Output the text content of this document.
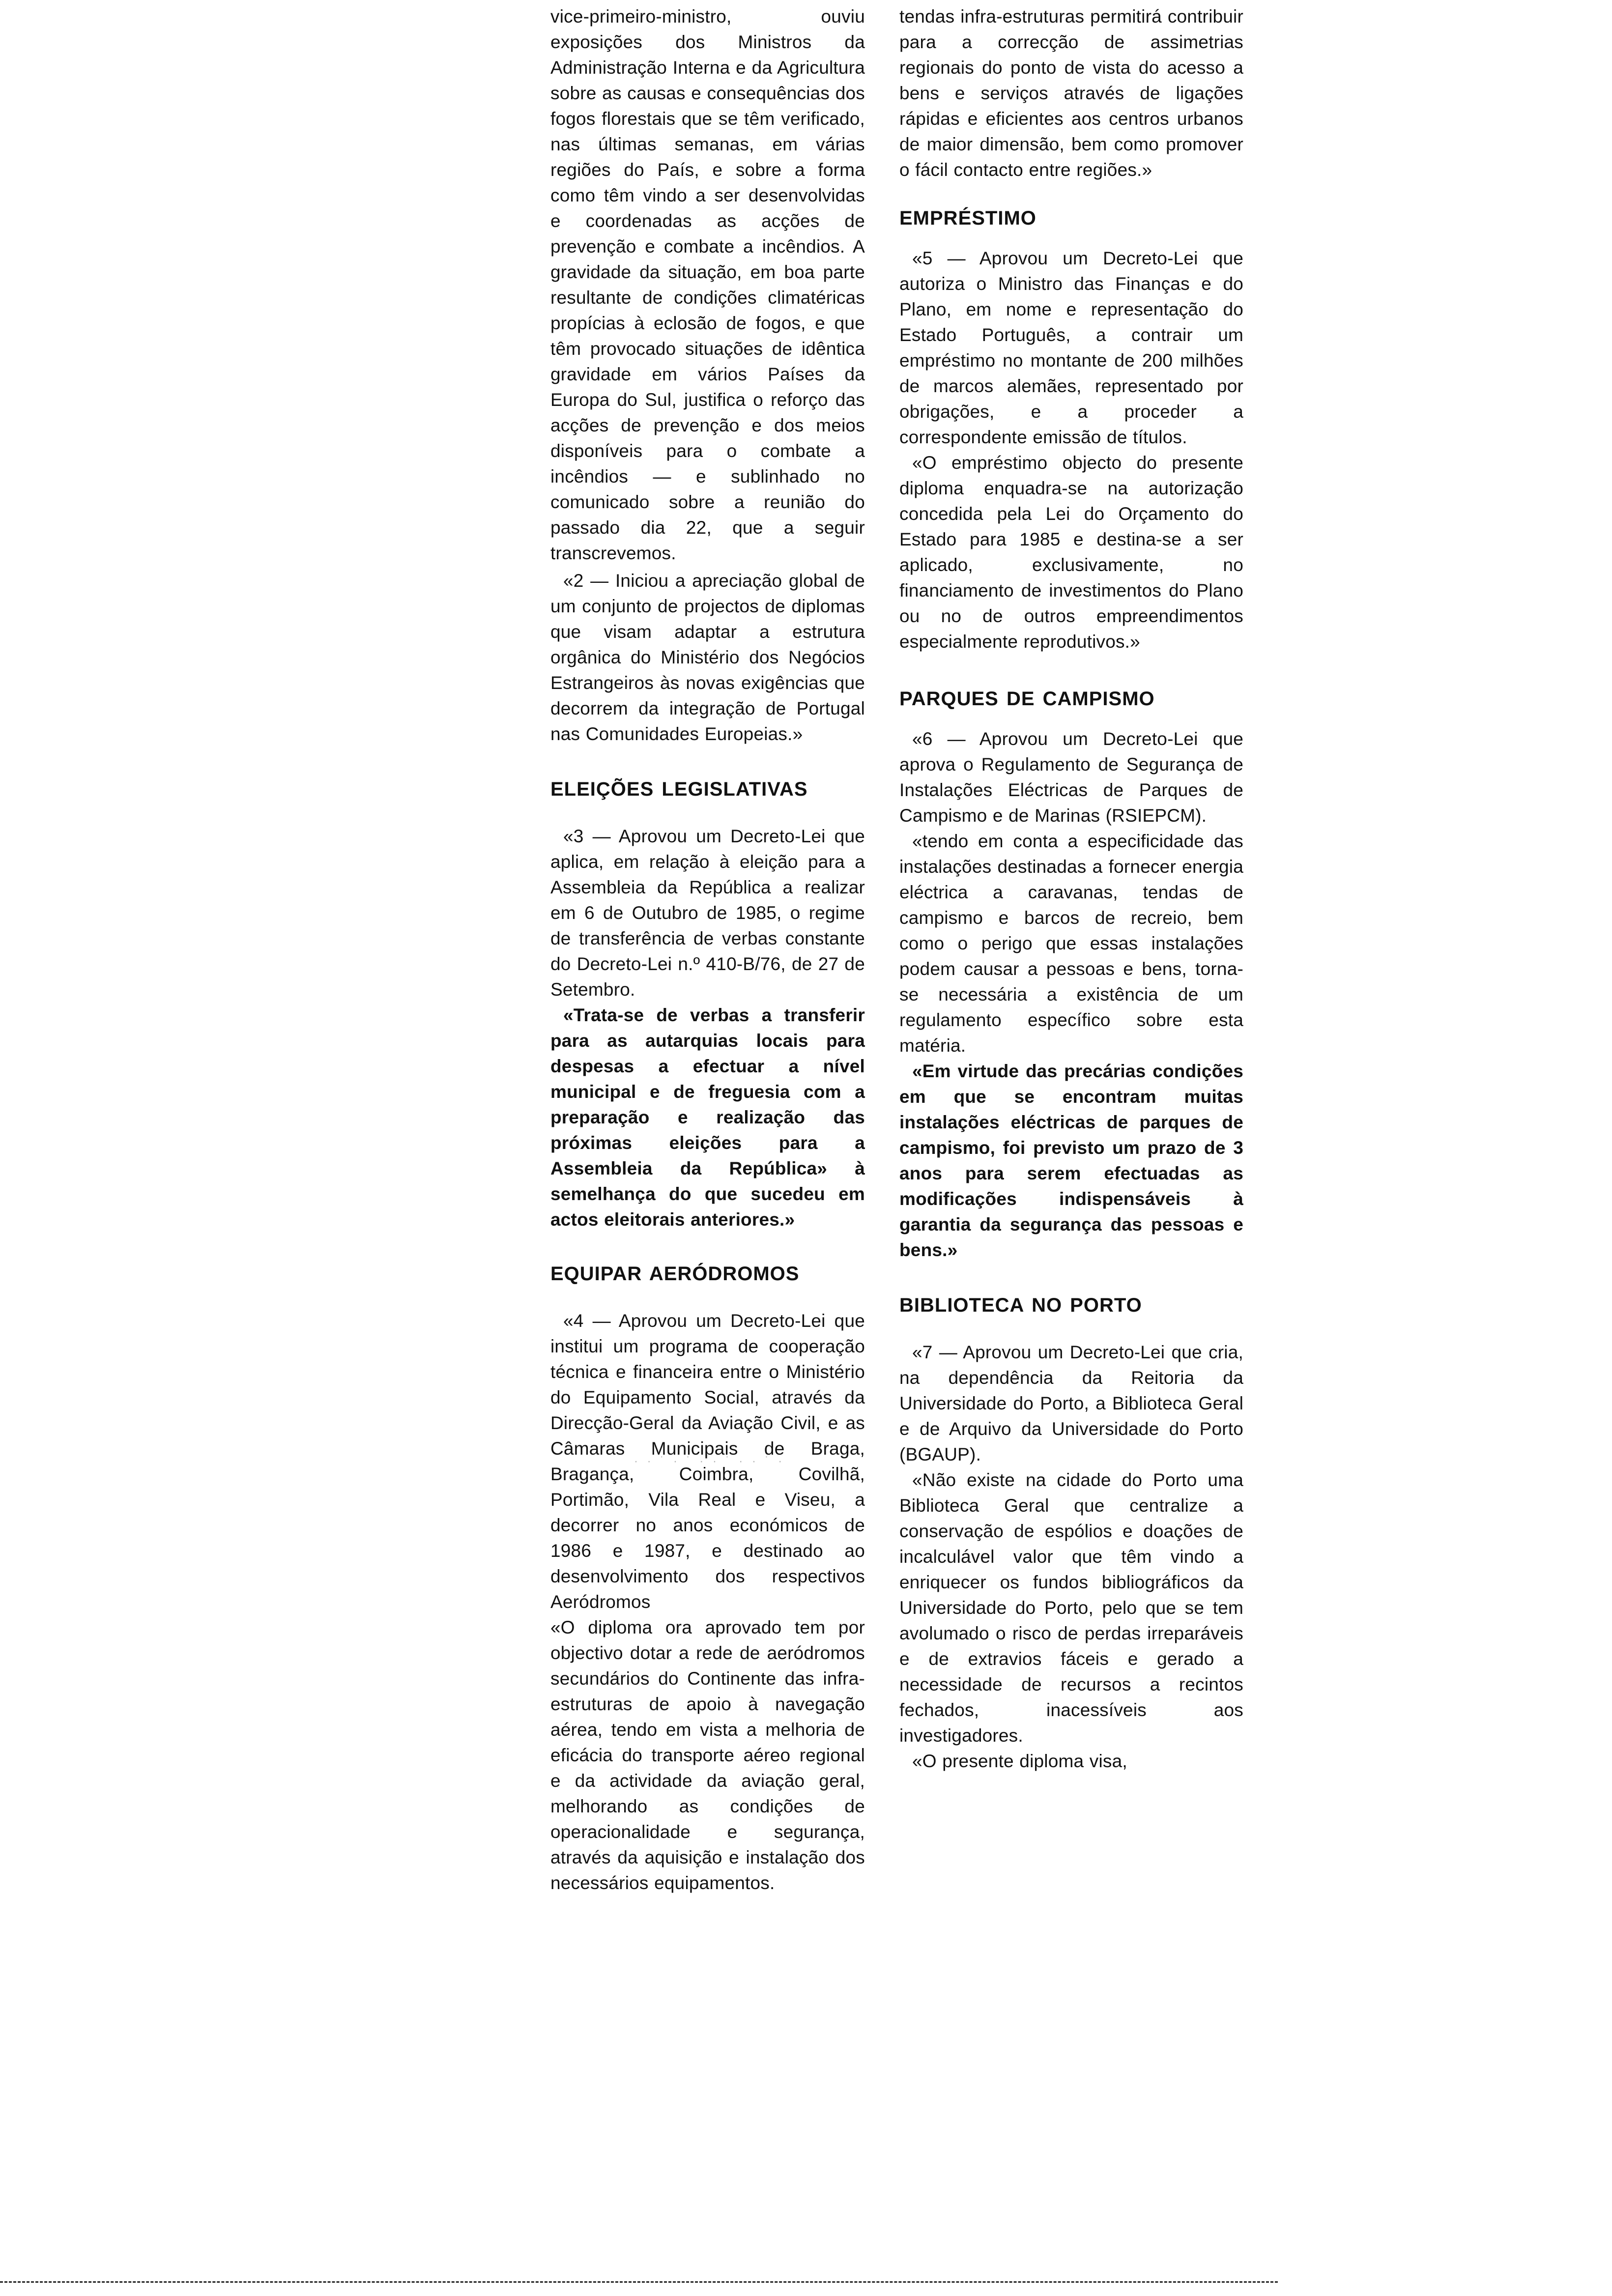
vice-primeiro-ministro, ouviu exposições dos Ministros da Administração Interna e da Agricultura sobre as causas e consequências dos fogos florestais que se têm verificado, nas últimas semanas, em várias regiões do País, e sobre a forma como têm vindo a ser desenvolvidas e coordenadas as acções de prevenção e combate a incêndios. A gravidade da situação, em boa parte resultante de condições climatéricas propícias à eclosão de fogos, e que têm provocado situações de idêntica gravidade em vários Países da Europa do Sul, justifica o reforço das acções de prevenção e dos meios disponíveis para o combate a incêndios — e sublinhado no comunicado sobre a reunião do passado dia 22, que a seguir transcrevemos.

«2 — Iniciou a apreciação global de um conjunto de projectos de diplomas que visam adaptar a estrutura orgânica do Ministério dos Negócios Estrangeiros às novas exigências que decorrem da integração de Portugal nas Comunidades Europeias.»

ELEIÇÕES LEGISLATIVAS

«3 — Aprovou um Decreto-Lei que aplica, em relação à eleição para a Assembleia da República a realizar em 6 de Outubro de 1985, o regime de transferência de verbas constante do Decreto-Lei n.º 410-B/76, de 27 de Setembro.

«Trata-se de verbas a transferir para as autarquias locais para despesas a efectuar a nível municipal e de freguesia com a preparação e realização das próximas eleições para a Assembleia da República» à semelhança do que sucedeu em actos eleitorais anteriores.»

EQUIPAR AERÓDROMOS

«4 — Aprovou um Decreto-Lei que institui um programa de cooperação técnica e financeira entre o Ministério do Equipamento Social, através da Direcção-Geral da Aviação Civil, e as Câmaras Municipais de Braga, Bragança, Coimbra, Covilhã, Portimão, Vila Real e Viseu, a decorrer no anos económicos de 1986 e 1987, e destinado ao desenvolvimento dos respectivos Aeródromos

«O diploma ora aprovado tem por objectivo dotar a rede de aeródromos secundários do Continente das infra-estruturas de apoio à navegação aérea, tendo em vista a melhoria de eficácia do transporte aéreo regional e da actividade da aviação geral, melhorando as condições de operacionalidade e segurança, através da aquisição e instalação dos necessários equipamentos.

tendas infra-estruturas permitirá contribuir para a correcção de assimetrias regionais do ponto de vista do acesso a bens e serviços através de ligações rápidas e eficientes aos centros urbanos de maior dimensão, bem como promover o fácil contacto entre regiões.»

EMPRÉSTIMO

«5 — Aprovou um Decreto-Lei que autoriza o Ministro das Finanças e do Plano, em nome e representação do Estado Português, a contrair um empréstimo no montante de 200 milhões de marcos alemães, representado por obrigações, e a proceder a correspondente emissão de títulos.

«O empréstimo objecto do presente diploma enquadra-se na autorização concedida pela Lei do Orçamento do Estado para 1985 e destina-se a ser aplicado, exclusivamente, no financiamento de investimentos do Plano ou no de outros empreendimentos especialmente reprodutivos.»

PARQUES DE CAMPISMO

«6 — Aprovou um Decreto-Lei que aprova o Regulamento de Segurança de Instalações Eléctricas de Parques de Campismo e de Marinas (RSIEPCM).

«tendo em conta a especificidade das instalações destinadas a fornecer energia eléctrica a caravanas, tendas de campismo e barcos de recreio, bem como o perigo que essas instalações podem causar a pessoas e bens, torna-se necessária a existência de um regulamento específico sobre esta matéria.

«Em virtude das precárias condições em que se encontram muitas instalações eléctricas de parques de campismo, foi previsto um prazo de 3 anos para serem efectuadas as modificações indispensáveis à garantia da segurança das pessoas e bens.»

BIBLIOTECA NO PORTO

«7 — Aprovou um Decreto-Lei que cria, na dependência da Reitoria da Universidade do Porto, a Biblioteca Geral e de Arquivo da Universidade do Porto (BGAUP).

«Não existe na cidade do Porto uma Biblioteca Geral que centralize a conservação de espólios e doações de incalculável valor que têm vindo a enriquecer os fundos bibliográficos da Universidade do Porto, pelo que se tem avolumado o risco de perdas irreparáveis e de extravios fáceis e gerado a necessidade de recursos a recintos fechados, inacessíveis aos investigadores.

«O presente diploma visa,

· · ˙ · ˙ · · ˙ · · ˙ ·
